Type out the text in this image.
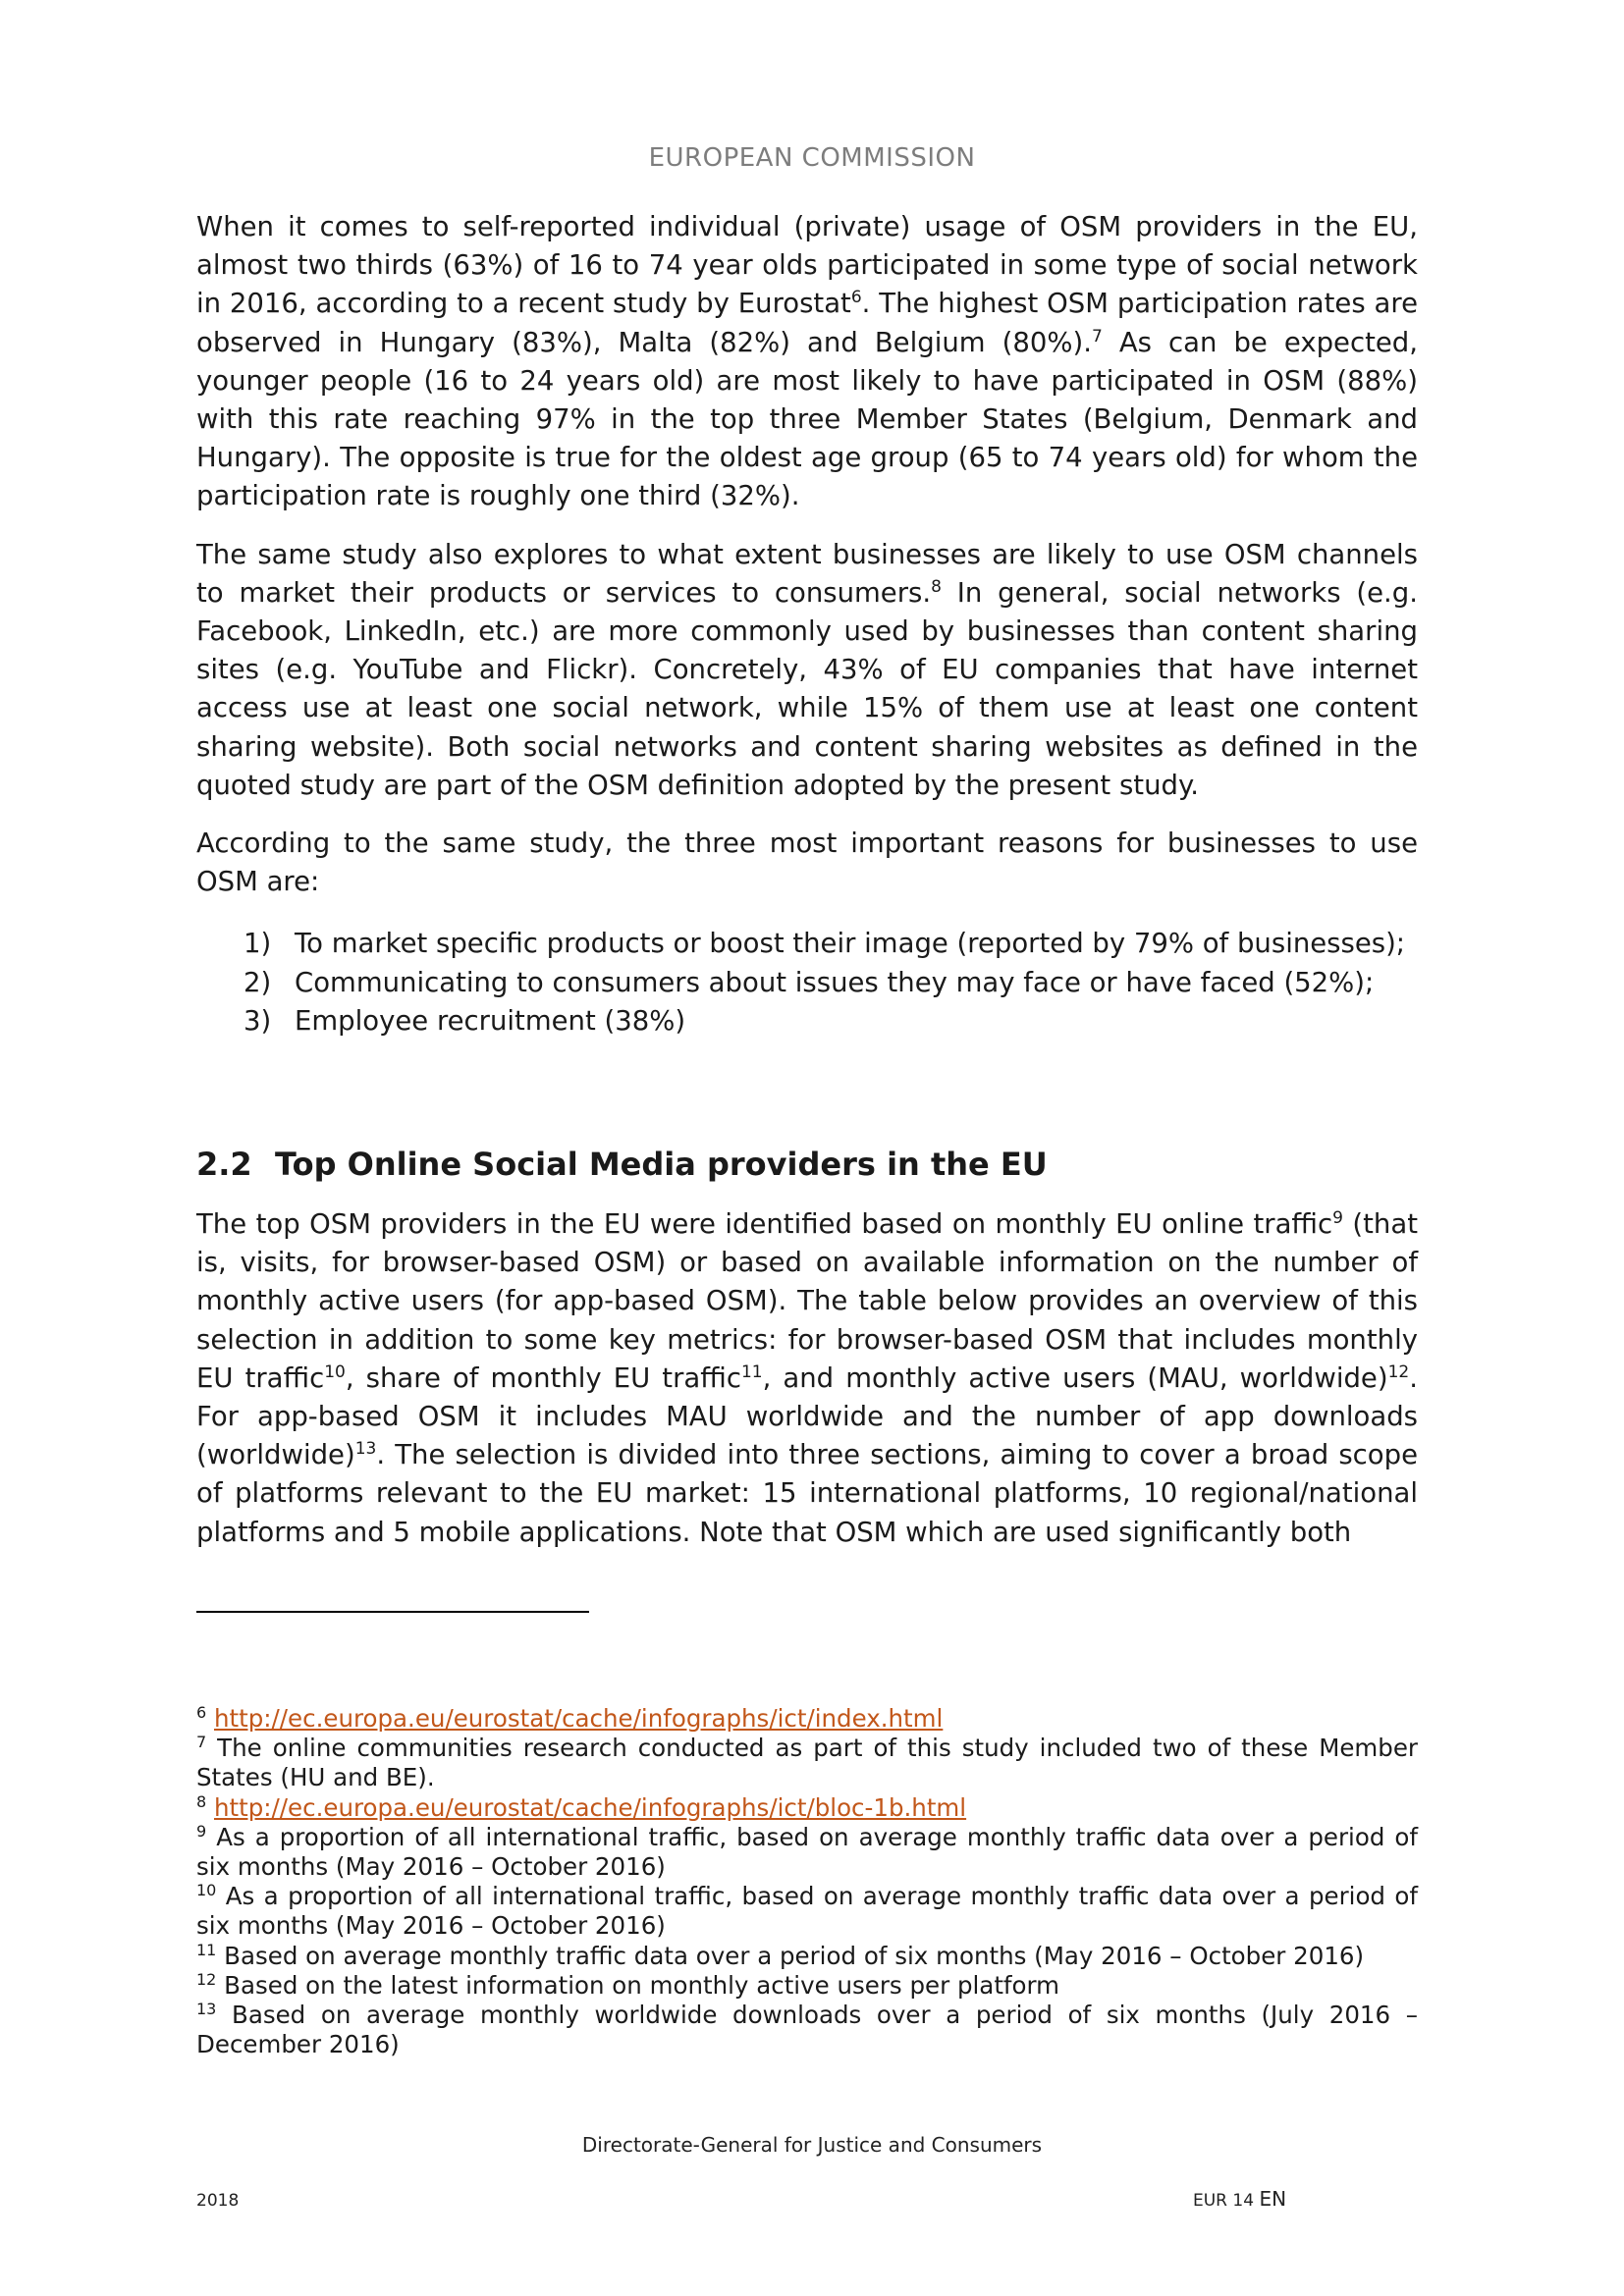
EUROPEAN COMMISSION

When it comes to self-reported individual (private) usage of OSM providers in the EU, almost two thirds (63%) of 16 to 74 year olds participated in some type of social network in 2016, according to a recent study by Eurostat$^6$. The highest OSM participation rates are observed in Hungary (83%), Malta (82%) and Belgium (80%).$^7$ As can be expected, younger people (16 to 24 years old) are most likely to have participated in OSM (88%) with this rate reaching 97% in the top three Member States (Belgium, Denmark and Hungary). The opposite is true for the oldest age group (65 to 74 years old) for whom the participation rate is roughly one third (32%).

The same study also explores to what extent businesses are likely to use OSM channels to market their products or services to consumers.$^8$ In general, social networks (e.g. Facebook, LinkedIn, etc.) are more commonly used by businesses than content sharing sites (e.g. YouTube and Flickr). Concretely, 43% of EU companies that have internet access use at least one social network, while 15% of them use at least one content sharing website). Both social networks and content sharing websites as defined in the quoted study are part of the OSM definition adopted by the present study.

According to the same study, the three most important reasons for businesses to use OSM are:

1) To market specific products or boost their image (reported by 79% of businesses);
2) Communicating to consumers about issues they may face or have faced (52%);
3) Employee recruitment (38%)
2.2 Top Online Social Media providers in the EU

The top OSM providers in the EU were identified based on monthly EU online traffic$^9$ (that is, visits, for browser-based OSM) or based on available information on the number of monthly active users (for app-based OSM). The table below provides an overview of this selection in addition to some key metrics: for browser-based OSM that includes monthly EU traffic$^{10}$, share of monthly EU traffic$^{11}$, and monthly active users (MAU, worldwide)$^{12}$. For app-based OSM it includes MAU worldwide and the number of app downloads (worldwide)$^{13}$. The selection is divided into three sections, aiming to cover a broad scope of platforms relevant to the EU market: 15 international platforms, 10 regional/national platforms and 5 mobile applications. Note that OSM which are used significantly both

$^6$ http://ec.europa.eu/eurostat/cache/infographs/ict/index.html

$^7$ The online communities research conducted as part of this study included two of these Member States (HU and BE).

$^8$ http://ec.europa.eu/eurostat/cache/infographs/ict/bloc-1b.html

$^9$ As a proportion of all international traffic, based on average monthly traffic data over a period of six months (May 2016 – October 2016)

$^{10}$ As a proportion of all international traffic, based on average monthly traffic data over a period of six months (May 2016 – October 2016)

$^{11}$ Based on average monthly traffic data over a period of six months (May 2016 – October 2016)

$^{12}$ Based on the latest information on monthly active users per platform

$^{13}$ Based on average monthly worldwide downloads over a period of six months (July 2016 – December 2016)

Directorate-General for Justice and Consumers
2018	EUR 14 EN
